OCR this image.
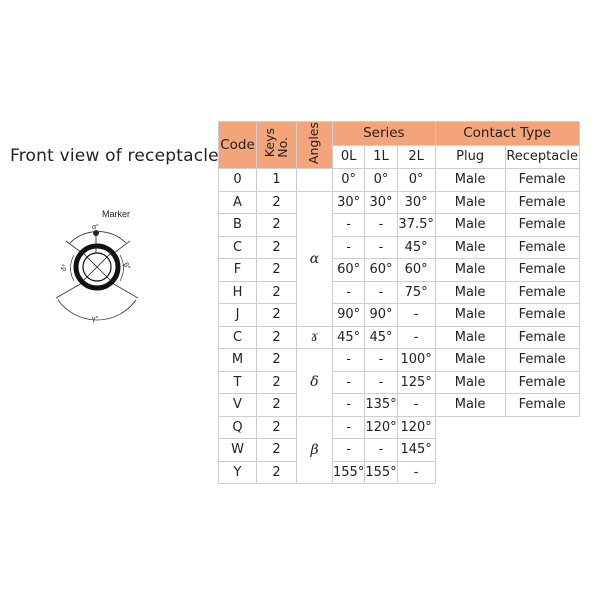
Front view of receptacle
Marker
α°
δ°	β°
γ°
Code	KeysNo.	Angles	Series			Contact Type	
			0L	1L	2L	Plug	Receptacle
0	1		0°	0°	0°	Male	Female
A	2	α	30°	30°	30°	Male	Female
B	2		-	-	37.5°	Male	Female
C	2		-	-	45°	Male	Female
F	2		60°	60°	60°	Male	Female
H	2		-	-	75°	Male	Female
J	2		90°	90°	-	Male	Female
C	2	ɤ	45°	45°	-	Male	Female
M	2	δ	-	-	100°	Male	Female
T	2		-	-	125°	Male	Female
V	2		-	135°	-	Male	Female
Q	2	β	-	120°	120°		
W	2		-	-	145°		
Y	2		155°	155°	-		
